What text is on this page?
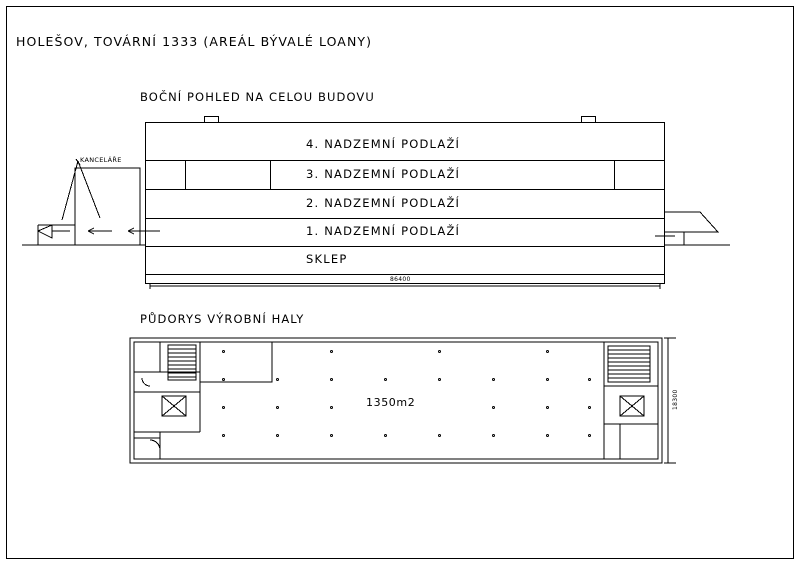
HOLEŠOV, TOVÁRNÍ 1333 (AREÁL BÝVALÉ LOANY)
BOČNÍ POHLED NA CELOU BUDOVU
4. NADZEMNÍ PODLAŽÍ
3. NADZEMNÍ PODLAŽÍ
2. NADZEMNÍ PODLAŽÍ
1. NADZEMNÍ PODLAŽÍ
SKLEP
86400
KANCELÁŘE
PŮDORYS VÝROBNÍ HALY
1350m2	18300
